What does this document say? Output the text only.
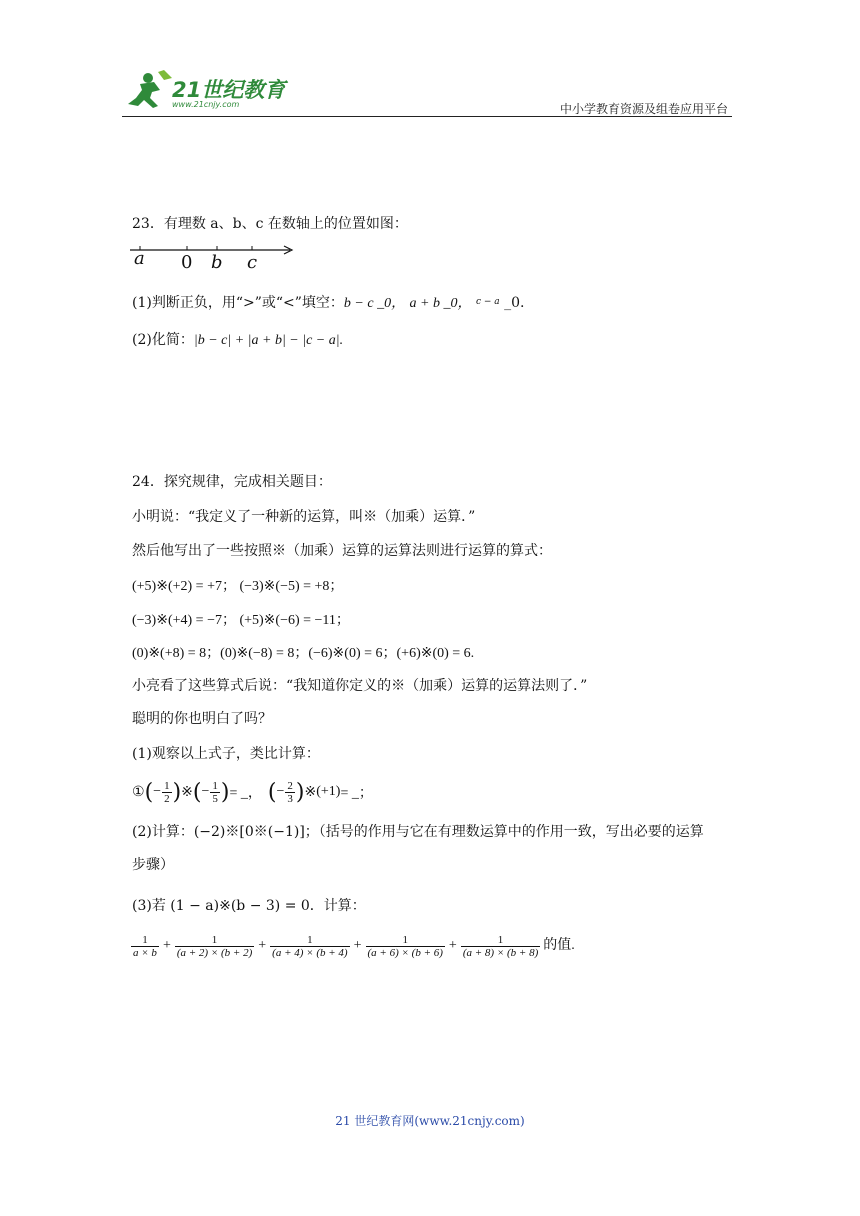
21世纪教育
www.21cnjy.com	中小学教育资源及组卷应用平台
23．有理数 a、b、c 在数轴上的位置如图：
a 0 b c
(1)判断正负，用“>”或“<”填空：b − c _0， a + b _0， $^{c - a}$ _0.
(2)化简：|b − c| + |a + b| − |c − a|.
24．探究规律，完成相关题目：
小明说：“我定义了一种新的运算，叫※（加乘）运算．”
然后他写出了一些按照※（加乘）运算的运算法则进行运算的算式：
(+5)※(+2) = +7； (−3)※(−5) = +8；
(−3)※(+4) = −7； (+5)※(−6) = −11；
(0)※(+8) = 8；(0)※(−8) = 8；(−6)※(0) = 6；(+6)※(0) = 6.
小亮看了这些算式后说：“我知道你定义的※（加乘）运算的运算法则了．”
聪明的你也明白了吗？
(1)观察以上式子，类比计算：
① ( − $\frac{1}{2}$ ) ※ ( − $\frac{1}{5}$ ) = _， ( − $\frac{2}{3}$ ) ※ (+1) = _；
(2)计算：(−2)※[0※(−1)]；（括号的作用与它在有理数运算中的作用一致，写出必要的运算
步骤）
(3)若 (1 − a)※(b − 3) = 0．计算：
$\frac{1}{a \times b} + \frac{1}{(a + 2) \times (b + 2)} + \frac{1}{(a + 4) \times (b + 4)} + \frac{1}{(a + 6) \times (b + 6)} + \frac{1}{(a + 8) \times (b + 8)}$ 的值.
21 世纪教育网(www.21cnjy.com)
